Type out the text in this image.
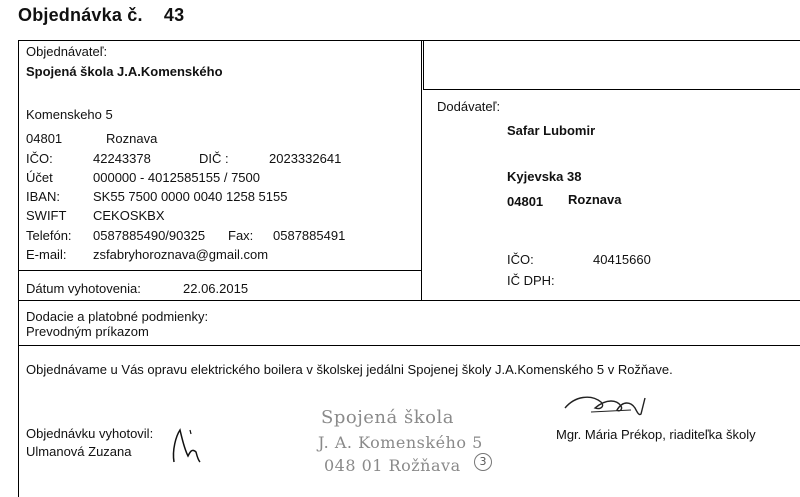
Objednávka č. 43
Objednávateľ:
Spojená škola J.A.Komenského
Komenskeho 5
04801	Roznava
IČO:	42243378	DIČ :	2023332641
Účet	000000 - 4012585155 / 7500
IBAN:	SK55 7500 0000 0040 1258 5155
SWIFT CEKOSKBX
Telefón: 0587885490/90325 Fax: 0587885491
E-mail: zsfabryhoroznava@gmail.com
Dátum vyhotovenia:	22.06.2015
Dodávateľ:
Safar Lubomir
Kyjevska 38
04801 Roznava
IČO:	40415660
IČ DPH:
Dodacie a platobné podmienky:
Prevodným príkazom
Objednávame u Vás opravu elektrického boilera v školskej jedálni Spojenej školy J.A.Komenského 5 v Rožňave.
Objednávku vyhotovil:
Ulmanová Zuzana
Spojená škola
J. A. Komenského 5
048 01 Rožňava	3
Mgr. Mária Prékop, riaditeľka školy
